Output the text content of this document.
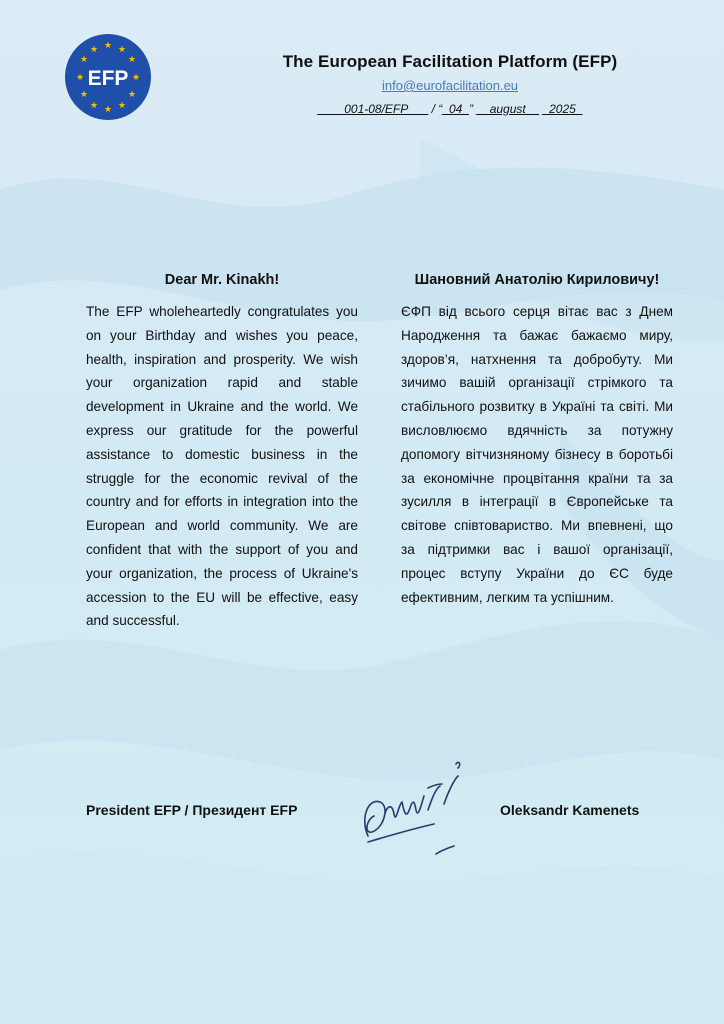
★ ★
★
★
★
★
★
★
★
★
★
★
EFP
The European Facilitation Platform (EFP)
info@eurofacilitation.eu
____001-08/EFP___ / “_04_” __august__ _2025_
Dear Mr. Kinakh!
The EFP wholeheartedly congratulates you on your Birthday and wishes you peace, health, inspiration and prosperity. We wish your organization rapid and stable development in Ukraine and the world. We express our gratitude for the powerful assistance to domestic business in the struggle for the economic revival of the country and for efforts in integration into the European and world community. We are confident that with the support of you and your organization, the process of Ukraine's accession to the EU will be effective, easy and successful.
Шановний Анатолію Кириловичу!
ЄФП від всього серця вітає вас з Днем Народження та бажає бажаємо миру, здоров’я, натхнення та добробуту. Ми зичимо вашій організації стрімкого та стабільного розвитку в Україні та світі. Ми висловлюємо вдячність за потужну допомогу вітчизняному бізнесу в боротьбі за економічне процвітання країни та за зусилля в інтеграції в Європейське та світове співтовариство. Ми впевнені, що за підтримки вас і вашої організації, процес вступу України до ЄС буде ефективним, легким та успішним.
President EFP / Президент EFP	Oleksandr Kamenets
